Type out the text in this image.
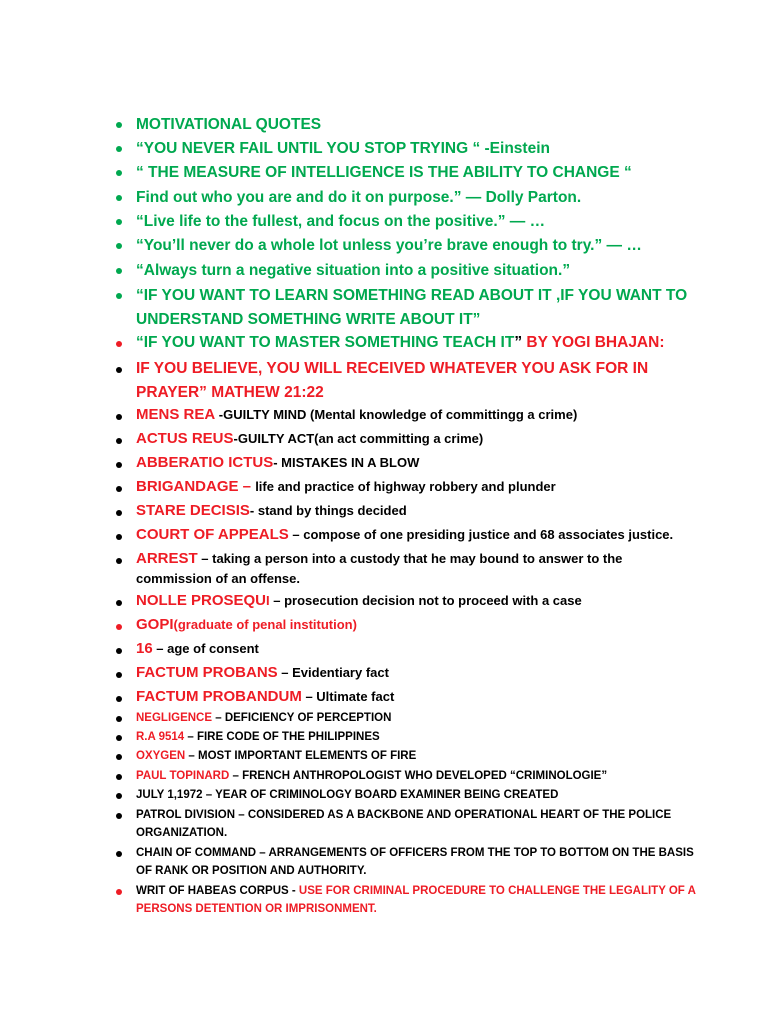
MOTIVATIONAL QUOTES
“YOU NEVER FAIL UNTIL YOU STOP TRYING “ -Einstein
“ THE MEASURE OF INTELLIGENCE IS THE ABILITY TO CHANGE “
Find out who you are and do it on purpose.” — Dolly Parton.
“Live life to the fullest, and focus on the positive.” — …
“You’ll never do a whole lot unless you’re brave enough to try.” — …
“Always turn a negative situation into a positive situation.”
“IF YOU WANT TO LEARN SOMETHING READ ABOUT IT ,IF YOU WANT TO UNDERSTAND SOMETHING WRITE ABOUT IT”
“IF YOU WANT TO MASTER SOMETHING TEACH IT” BY YOGI BHAJAN:
IF YOU BELIEVE, YOU WILL RECEIVED WHATEVER YOU ASK FOR IN PRAYER” MATHEW 21:22
MENS REA -GUILTY MIND (Mental knowledge of committingg a crime)
ACTUS REUS-GUILTY ACT(an act committing a crime)
ABBERATIO ICTUS- MISTAKES IN A BLOW
BRIGANDAGE – life and practice of highway robbery and plunder
STARE DECISIS- stand by things decided
COURT OF APPEALS – compose of one presiding justice and 68 associates justice.
ARREST – taking a person into a custody that he may bound to answer to the commission of an offense.
NOLLE PROSEQUI – prosecution decision not to proceed with a case
GOPI(graduate of penal institution)
16 – age of consent
FACTUM PROBANS – Evidentiary fact
FACTUM PROBANDUM – Ultimate fact
NEGLIGENCE – DEFICIENCY OF PERCEPTION
R.A 9514 – FIRE CODE OF THE PHILIPPINES
OXYGEN – MOST IMPORTANT ELEMENTS OF FIRE
PAUL TOPINARD – FRENCH ANTHROPOLOGIST WHO DEVELOPED “CRIMINOLOGIE”
JULY 1,1972 – YEAR OF CRIMINOLOGY BOARD EXAMINER BEING CREATED
PATROL DIVISION – CONSIDERED AS A BACKBONE AND OPERATIONAL HEART OF THE POLICE ORGANIZATION.
CHAIN OF COMMAND – ARRANGEMENTS OF OFFICERS FROM THE TOP TO BOTTOM ON THE BASIS OF RANK OR POSITION AND AUTHORITY.
WRIT OF HABEAS CORPUS - USE FOR CRIMINAL PROCEDURE TO CHALLENGE THE LEGALITY OF A PERSONS DETENTION OR IMPRISONMENT.
